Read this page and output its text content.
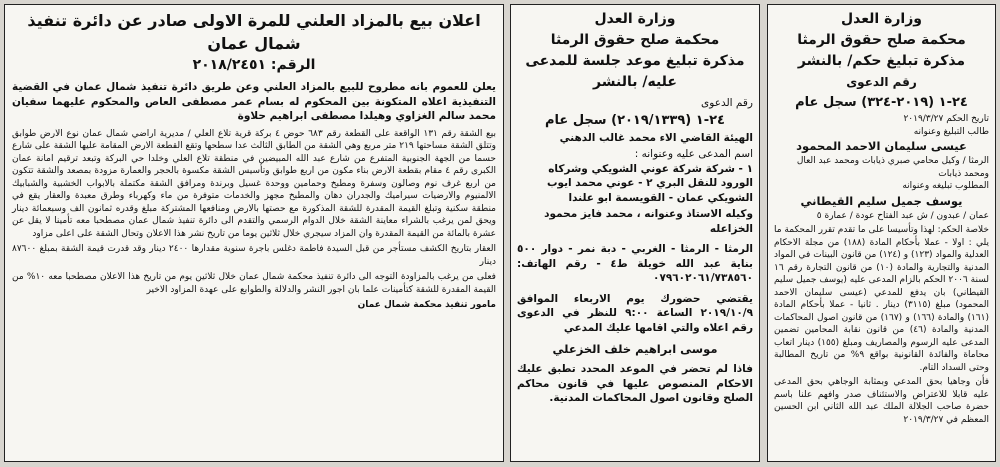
اعلان بيع بالمزاد العلني للمرة الاولى صادر عن دائرة تنفيذ شمال عمان

الرقم: ٢٠١٨/٢٤٥١

يعلن للعموم بانه مطروح للبيع بالمزاد العلني وعن طريق دائرة تنفيذ شمال عمان في القضية التنفيذية اعلاه المتكونة بين المحكوم له بسام عمر مصطفى العاص والمحكوم عليهما سفيان محمد سالم الغزاوي وهيلدا مصطفى ابراهيم حلاوة

بيع الشقة رقم ١٣١ الواقعة على القطعة رقم ٦٨٣ حوض ٤ بركة قرية تلاع العلي / مديرية اراضي شمال عمان نوع الارض طوابق وتتلق الشقة مساحتها ٢١٩ متر مربع وهي الشقة من الطابق الثالث عدا سطحها وتقع القطعة الارض المقامة عليها الشقة على شارع حسما من الجهة الجنوبية المتفرع من شارع عبد الله المبيضين في منطقة تلاع العلي وخلدا حي البركة وتبعد ترقيم امانة عمان الكبرى رقم ٤ مقام بقطعة الارض بناء مكون من اربع طوابق وتأسيس الشقة مكسوة بالحجر والعمارة مزودة بمصعد والشقة تتكون من اربع غرف نوم وصالون وسفرة ومطبخ وحمامين ووحدة غسيل وبرندة ومرافق الشقة مكتملة بالابواب الخشبية والشبابيك الالمنيوم والارضيات سيراميك والجدران دهان والمطبخ مجهز والخدمات متوفرة من ماء وكهرباء وطرق معبدة والعقار يقع في منطقة سكنية وتبلغ القيمة المقدرة للشقة المذكورة مع حصتها بالارض ومنافعها المشتركة مبلغ وقدره ثمانون الف وسبعمائة دينار ويحق لمن يرغب بالشراء معاينة الشقة خلال الدوام الرسمي والتقدم الى دائرة تنفيذ شمال عمان مصطحبا معه تأمينا لا يقل عن عشرة بالمائة من القيمة المقدرة وان المزاد سيجري خلال ثلاثين يوما من تاريخ نشر هذا الاعلان وتحال الشقة على اعلى مزاود

العقار بتاريخ الكشف مستأجر من قبل السيدة فاطمة دغلس باجرة سنوية مقدارها ٢٤٠٠ دينار وقد قدرت قيمة الشقة بمبلغ ٨٧٦٠٠ دينار

فعلى من يرغب بالمزاودة التوجه الى دائرة تنفيذ محكمة شمال عمان خلال ثلاثين يوم من تاريخ هذا الاعلان مصطحبا معه ١٠% من القيمة المقدرة للشقة كتأمينات علما بان اجور النشر والدلالة والطوابع على عهدة المزاود الاخير

مامور تنفيذ محكمة شمال عمان

وزارة العدل

محكمة صلح حقوق الرمثا

مذكرة تبليغ موعد جلسة للمدعى عليه/ بالنشر

رقم الدعوى

٢٤-١ (٢٠١٩/١٣٣٩) سجل عام

الهيئة القاضي الاء محمد غالب الدهني

اسم المدعى عليه وعنوانه :

١ - شركة شركة عوني الشويكي وشركاه الورود للنقل البري ٢ - عوني محمد ايوب الشويكي عمان - القويسمة ابو علندا

وكيله الاستاذ وعنوانه ، محمد فايز محمود الخزاعله

الرمثا - الرمثا - الغربي - دبة نمر - دوار ٥٠٠ بناية عبد الله خويلة ط٤ - رقم الهاتف: ٠٧٩٦٠٢٠٦١/٧٣٨٥٦٠

يقتضي حضورك يوم الاربعاء الموافق ٢٠١٩/١٠/٩ الساعة ٩:٠٠ للنظر في الدعوى رقم اعلاه والتي اقامها عليك المدعي

موسى ابراهيم خلف الخزعلي

فاذا لم تحضر في الموعد المحدد تطبق عليك الاحكام المنصوص عليها في قانون محاكم الصلح وقانون اصول المحاكمات المدنية.

وزارة العدل

محكمة صلح حقوق الرمثا

مذكرة تبليغ حكم/ بالنشر

رقم الدعوى

٢٤-١ (٢٠١٩-٣٢٤) سجل عام

تاريخ الحكم ٢٠١٩/٣/٢٧

طالب التبليغ وعنوانه

عيسى سليمان الاحمد المحمود

الرمثا / وكيل محامي صبري ذيابات ومحمد عبد العال ومحمد ذيابات

المطلوب تبليغه وعنوانه

يوسف جميل سليم القيطاني

عمان / عبدون / ش عبد الفتاح عودة / عمارة ٥

خلاصة الحكم: لهذا وتأسيسا على ما تقدم تقرر المحكمة ما يلي : اولا - عملا بأحكام المادة (١٨٨) من مجلة الاحكام العدلية والمواد (١٢٣) و (١٢٤) من قانون البينات في المواد المدنية والتجارية والمادة (١٠) من قانون التجارة رقم ١٦ لسنة ٢٠٠٦ الحكم بالزام المدعى عليه (يوسف جميل سليم القيطاني) بان يدفع للمدعي (عيسى سليمان الاحمد المحمود) مبلغ (٣١١٥) دينار . ثانيا - عملا بأحكام المادة (١٦١) والمادة (١٦٦) و (١٦٧) من قانون اصول المحاكمات المدنية والمادة (٤٦) من قانون نقابة المحامين تضمين المدعى عليه الرسوم والمصاريف ومبلغ (١٥٥) دينار اتعاب محاماة والفائدة القانونية بواقع ٩% من تاريخ المطالبة وحتى السداد التام.

فأن وجاهيا بحق المدعي وبمثابة الوجاهي بحق المدعى عليه قابلا للاعتراض والاستئناف صدر وافهم علنا باسم حضرة صاحب الجلالة الملك عبد الله الثاني ابن الحسين المعظم في ٢٠١٩/٣/٢٧
